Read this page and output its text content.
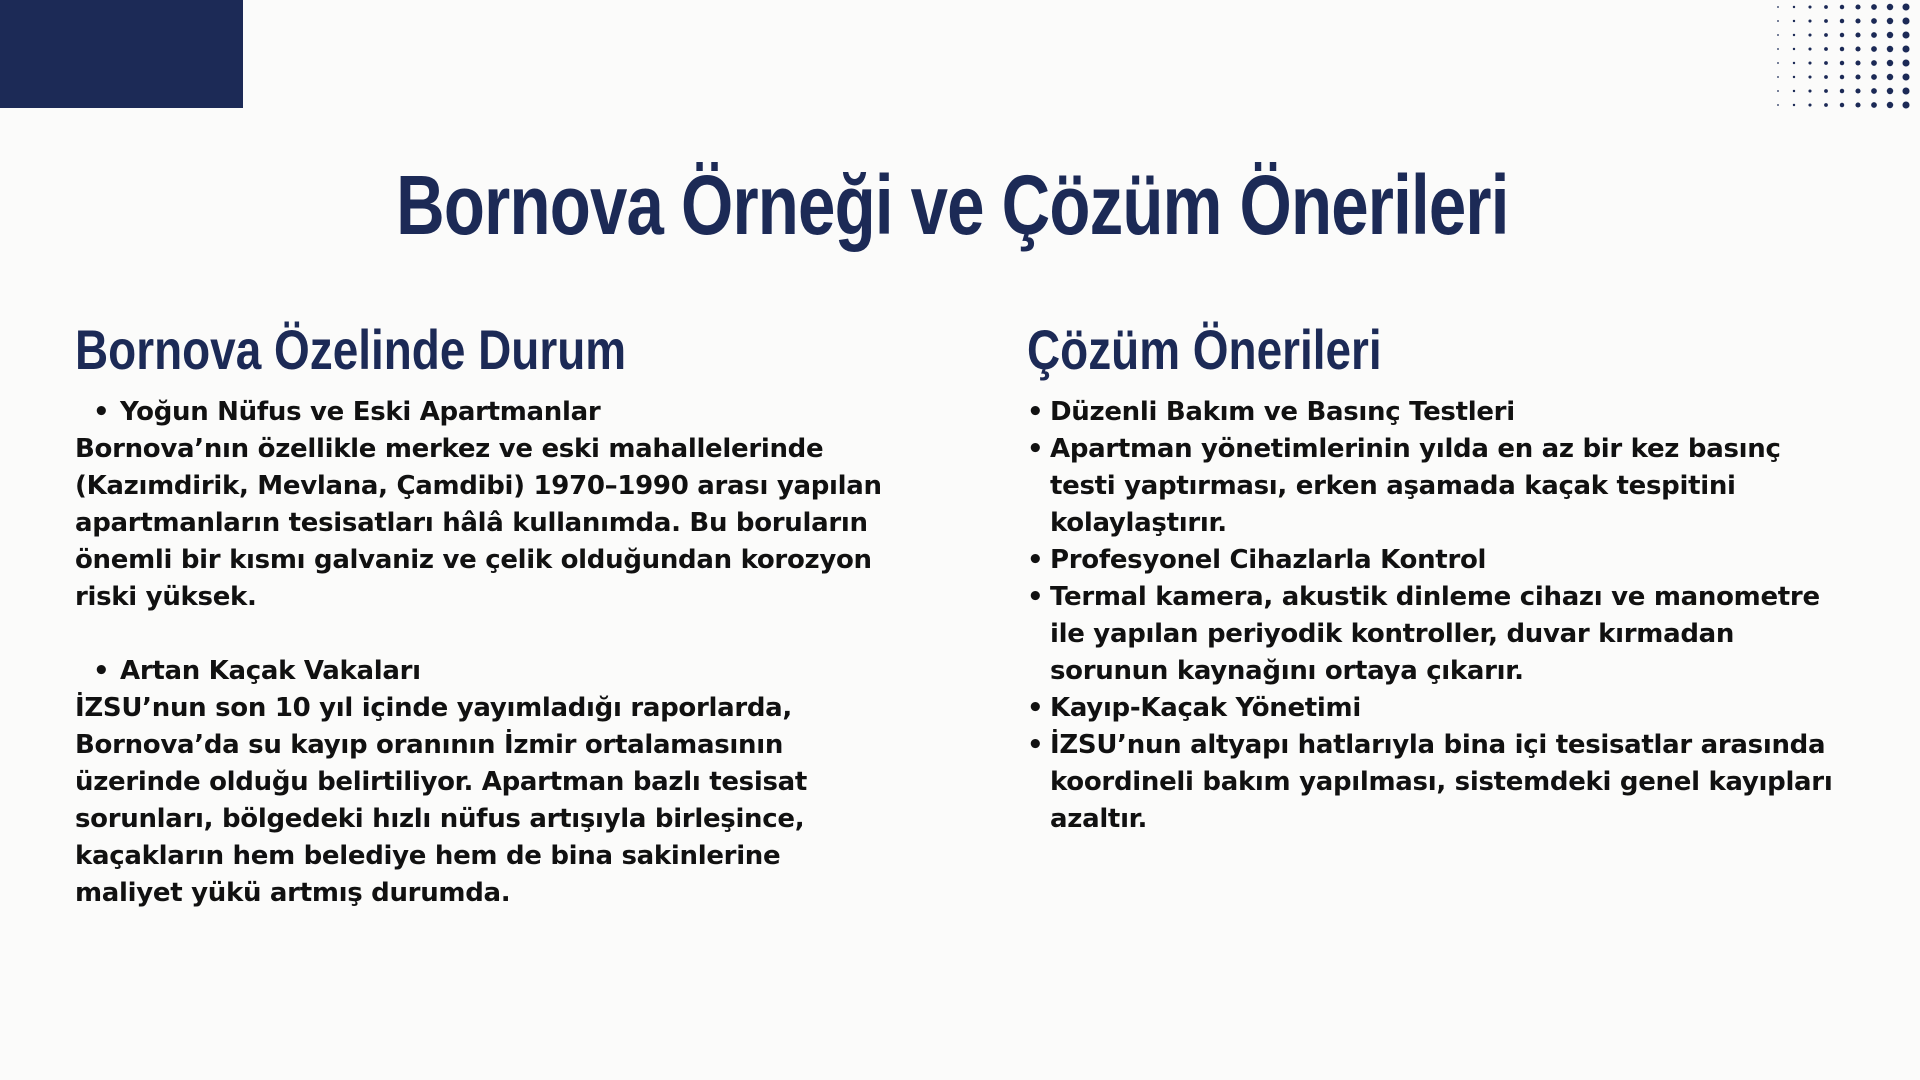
Bornova Örneği ve Çözüm Önerileri
Bornova Özelinde Durum
• Yoğun Nüfus ve Eski Apartmanlar

Bornova’nın özellikle merkez ve eski mahallelerinde (Kazımdirik, Mevlana, Çamdibi) 1970–1990 arası yapılan apartmanların tesisatları hâlâ kullanımda. Bu boruların önemli bir kısmı galvaniz ve çelik olduğundan korozyon riski yüksek.

• Artan Kaçak Vakaları

İZSU’nun son 10 yıl içinde yayımladığı raporlarda, Bornova’da su kayıp oranının İzmir ortalamasının üzerinde olduğu belirtiliyor. Apartman bazlı tesisat sorunları, bölgedeki hızlı nüfus artışıyla birleşince, kaçakların hem belediye hem de bina sakinlerine maliyet yükü artmış durumda.

Çözüm Önerileri
• Düzenli Bakım ve Basınç Testleri
• Apartman yönetimlerinin yılda en az bir kez basınç testi yaptırması, erken aşamada kaçak tespitini kolaylaştırır.
• Profesyonel Cihazlarla Kontrol
• Termal kamera, akustik dinleme cihazı ve manometre ile yapılan periyodik kontroller, duvar kırmadan sorunun kaynağını ortaya çıkarır.
• Kayıp-Kaçak Yönetimi
• İZSU’nun altyapı hatlarıyla bina içi tesisatlar arasında koordineli bakım yapılması, sistemdeki genel kayıpları azaltır.
